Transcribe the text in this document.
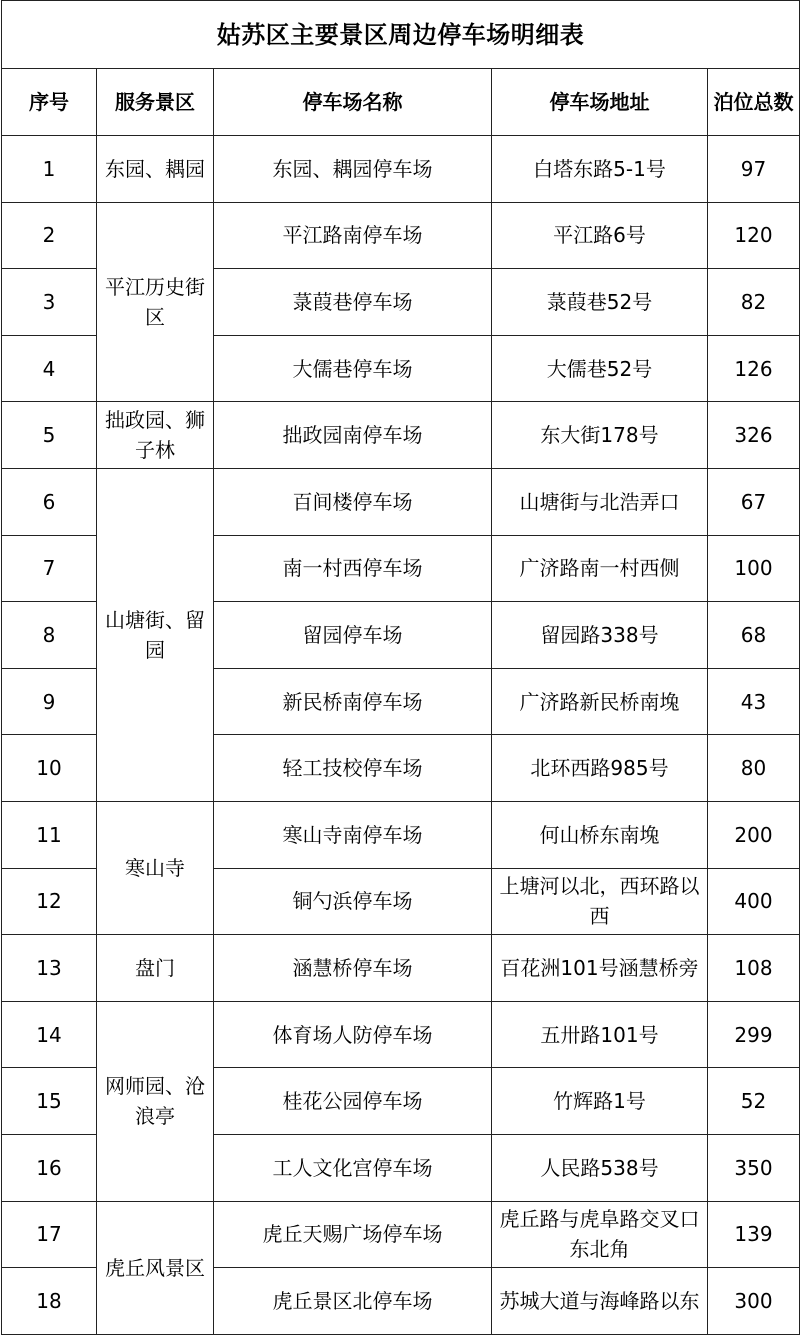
姑苏区主要景区周边停车场明细表				
序号	服务景区	停车场名称	停车场地址	泊位总数
1	东园、耦园	东园、耦园停车场	白塔东路5-1号	97
2	平江历史街区	平江路南停车场	平江路6号	120
3		菉葭巷停车场	菉葭巷52号	82
4		大儒巷停车场	大儒巷52号	126
5	拙政园、狮子林	拙政园南停车场	东大街178号	326
6	山塘街、留园	百间楼停车场	山塘街与北浩弄口	67
7		南一村西停车场	广济路南一村西侧	100
8		留园停车场	留园路338号	68
9		新民桥南停车场	广济路新民桥南堍	43
10		轻工技校停车场	北环西路985号	80
11	寒山寺	寒山寺南停车场	何山桥东南堍	200
12		铜勺浜停车场	上塘河以北，西环路以西	400
13	盘门	涵慧桥停车场	百花洲101号涵慧桥旁	108
14	网师园、沧浪亭	体育场人防停车场	五卅路101号	299
15		桂花公园停车场	竹辉路1号	52
16		工人文化宫停车场	人民路538号	350
17	虎丘风景区	虎丘天赐广场停车场	虎丘路与虎阜路交叉口东北角	139
18		虎丘景区北停车场	苏城大道与海峰路以东	300
